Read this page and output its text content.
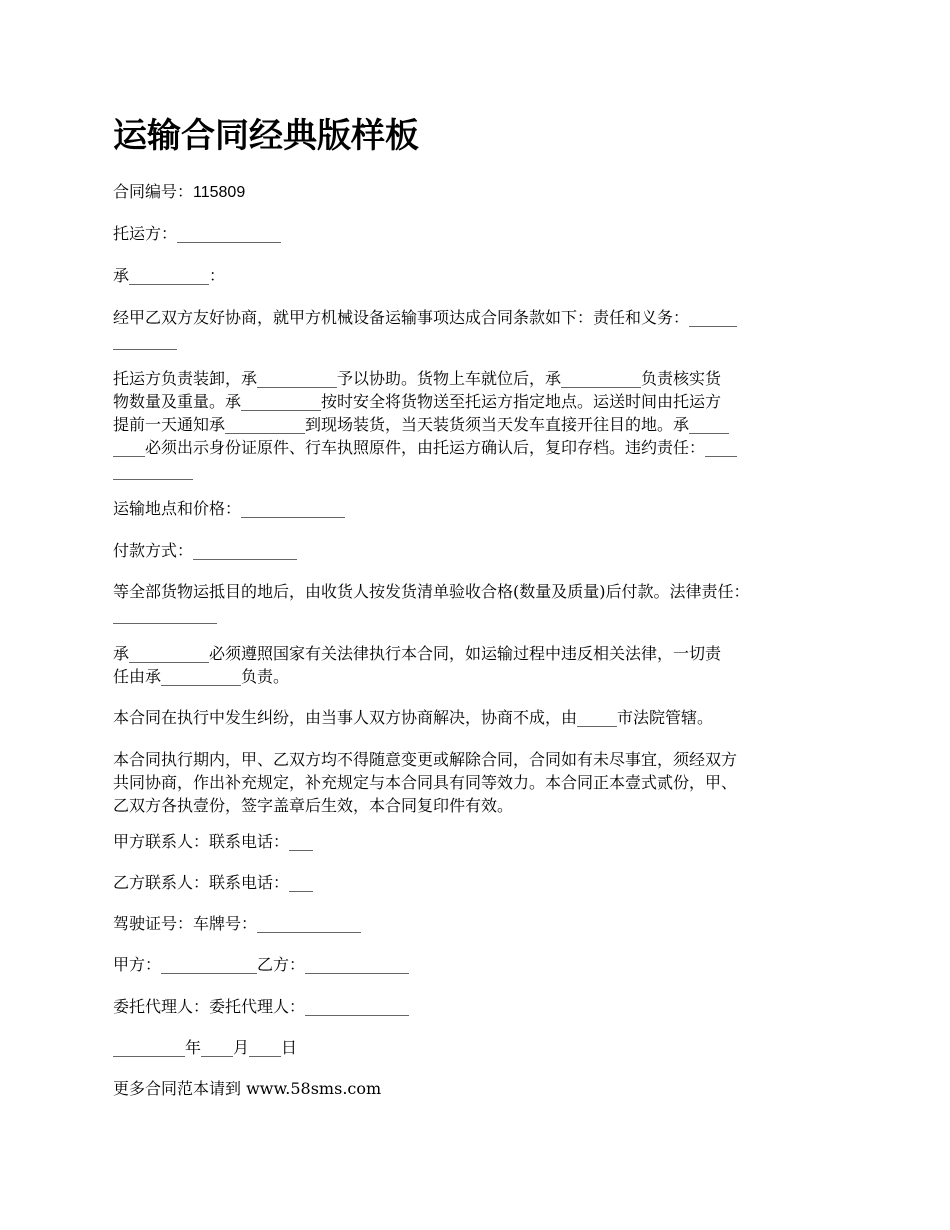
运输合同经典版样板

合同编号：115809

托运方：_____________

承__________：

经甲乙双方友好协商，就甲方机械设备运输事项达成合同条款如下：责任和义务：______
________

托运方负责装卸，承__________予以协助。货物上车就位后，承__________负责核实货
物数量及重量。承__________按时安全将货物送至托运方指定地点。运送时间由托运方
提前一天通知承__________到现场装货，当天装货须当天发车直接开往目的地。承_____
____必须出示身份证原件、行车执照原件，由托运方确认后，复印存档。违约责任：____
__________

运输地点和价格：_____________

付款方式：_____________

等全部货物运抵目的地后，由收货人按发货清单验收合格(数量及质量)后付款。法律责任：
_____________

承__________必须遵照国家有关法律执行本合同，如运输过程中违反相关法律，一切责
任由承__________负责。

本合同在执行中发生纠纷，由当事人双方协商解决，协商不成，由_____市法院管辖。

本合同执行期内，甲、乙双方均不得随意变更或解除合同，合同如有未尽事宜，须经双方
共同协商，作出补充规定，补充规定与本合同具有同等效力。本合同正本壹式贰份，甲、
乙双方各执壹份，签字盖章后生效，本合同复印件有效。

甲方联系人：联系电话：___

乙方联系人：联系电话：___

驾驶证号：车牌号：_____________

甲方：____________乙方：_____________

委托代理人：委托代理人：_____________

_________年____月____日

更多合同范本请到 www.58sms.com
